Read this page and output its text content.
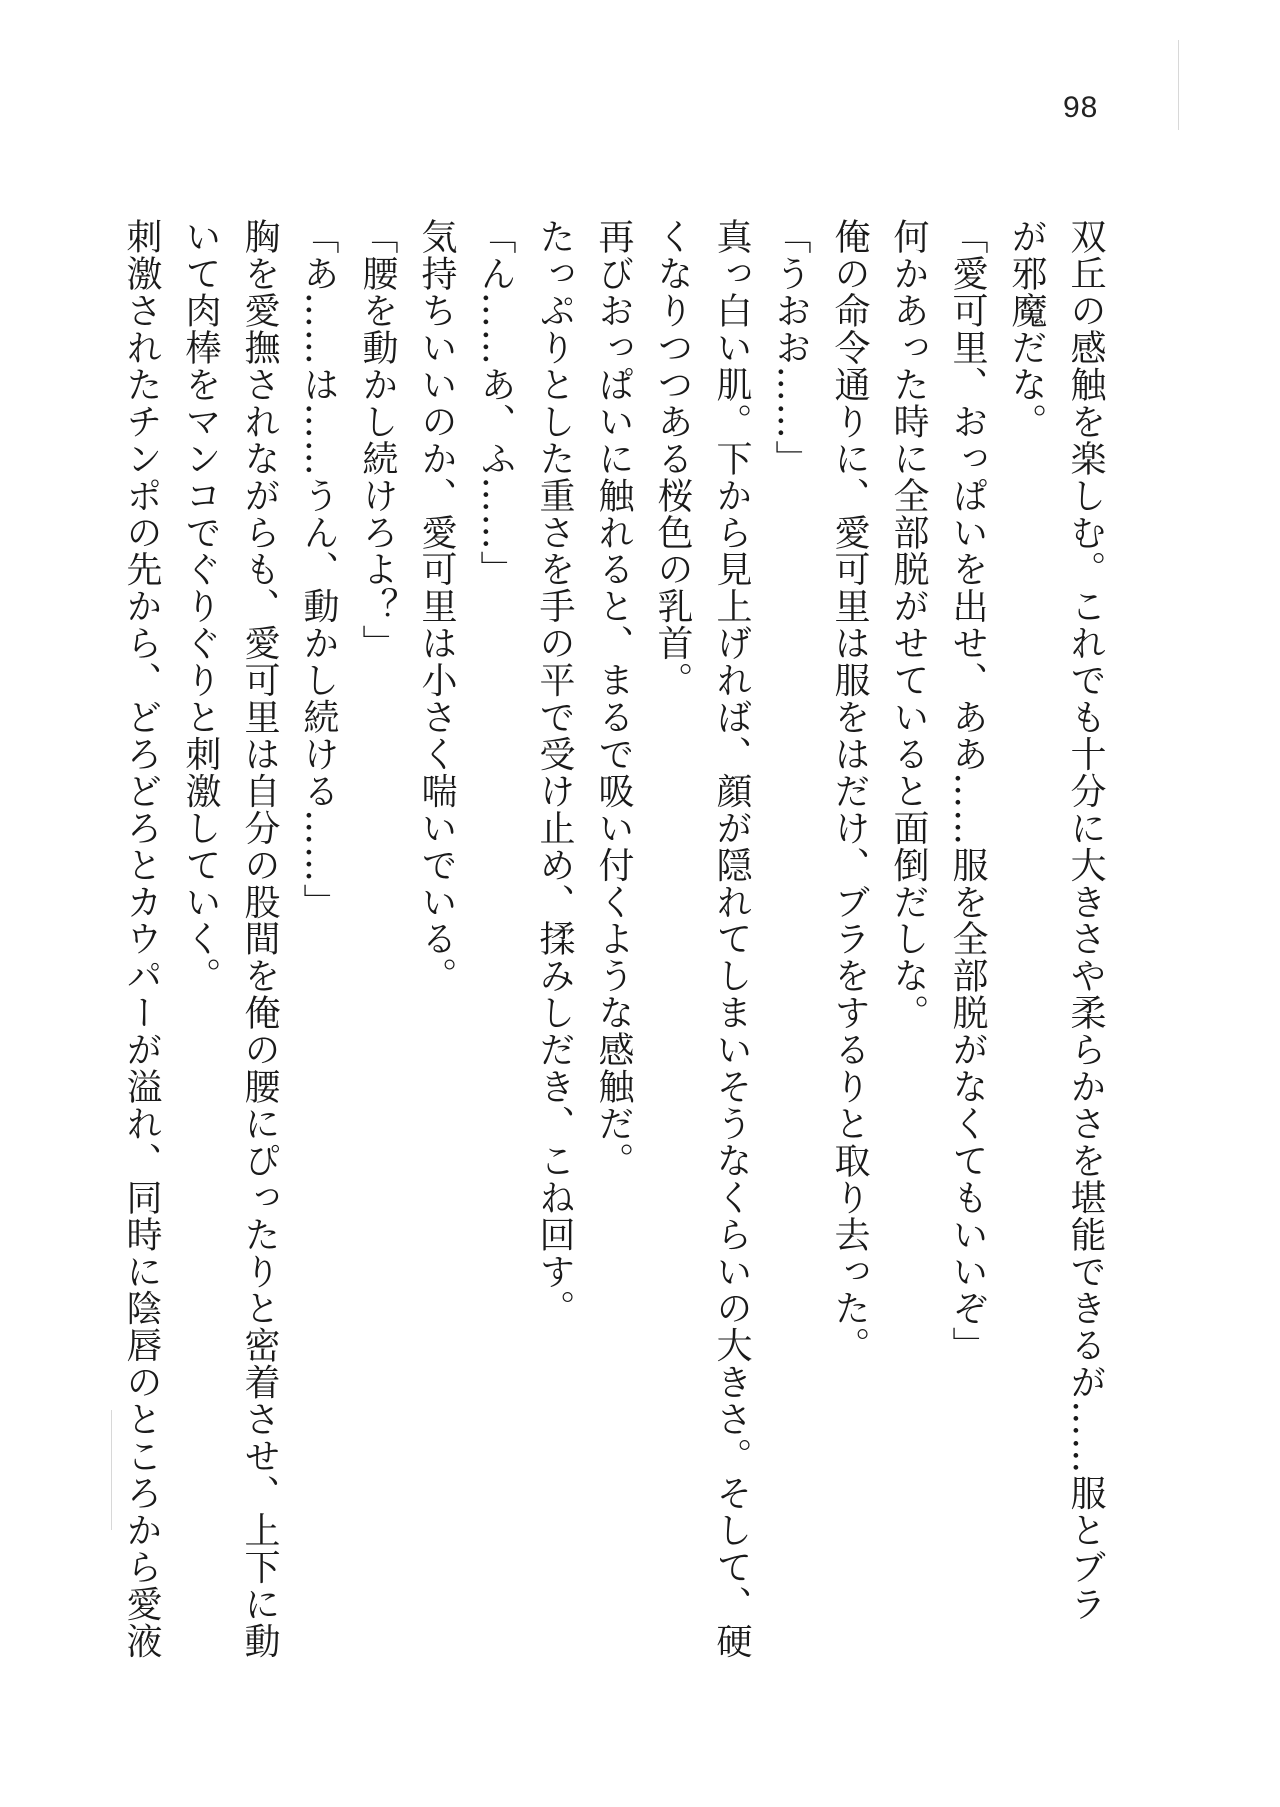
98
双丘の感触を楽しむ。これでも十分に大きさや柔らかさを堪能できるが……服とブラ
が邪魔だな。
「愛可里、おっぱいを出せ、ああ……服を全部脱がなくてもいいぞ」
何かあった時に全部脱がせていると面倒だしな。
俺の命令通りに、愛可里は服をはだけ、ブラをするりと取り去った。
「うおお……」
真っ白い肌。下から見上げれば、顔が隠れてしまいそうなくらいの大きさ。そして、硬
くなりつつある桜色の乳首。
再びおっぱいに触れると、まるで吸い付くような感触だ。
たっぷりとした重さを手の平で受け止め、揉みしだき、こね回す。
「ん……あ、ふ……」
気持ちいいのか、愛可里は小さく喘いでいる。
「腰を動かし続けろよ？」
「あ……は……うん、動かし続ける……」
胸を愛撫されながらも、愛可里は自分の股間を俺の腰にぴったりと密着させ、上下に動
いて肉棒をマンコでぐりぐりと刺激していく。
刺激されたチンポの先から、どろどろとカウパーが溢れ、同時に陰唇のところから愛液
